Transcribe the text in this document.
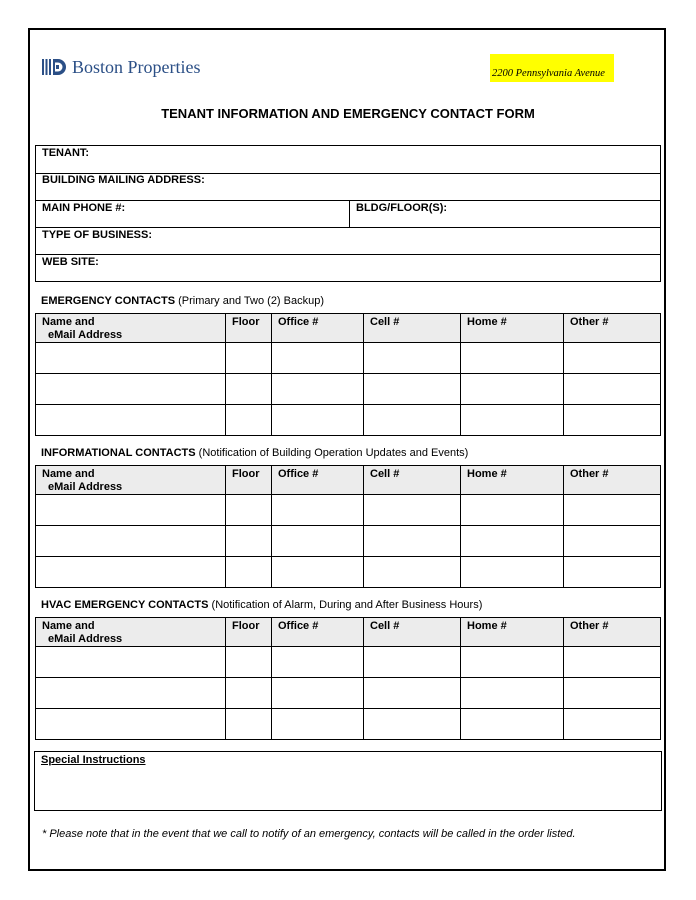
Boston Properties	2200 Pennsylvania Avenue
TENANT INFORMATION AND EMERGENCY CONTACT FORM
TENANT:
BUILDING MAILING ADDRESS:
MAIN PHONE #:	BLDG/FLOOR(S):
TYPE OF BUSINESS:
WEB SITE:
EMERGENCY CONTACTS (Primary and Two (2) Backup)
Name and
eMail Address	Floor	Office #	Cell #	Home #	Other #

INFORMATIONAL CONTACTS (Notification of Building Operation Updates and Events)
Name and
eMail Address	Floor	Office #	Cell #	Home #	Other #

HVAC EMERGENCY CONTACTS (Notification of Alarm, During and After Business Hours)
Name and
eMail Address	Floor	Office #	Cell #	Home #	Other #

Special Instructions
* Please note that in the event that we call to notify of an emergency, contacts will be called in the order listed.
